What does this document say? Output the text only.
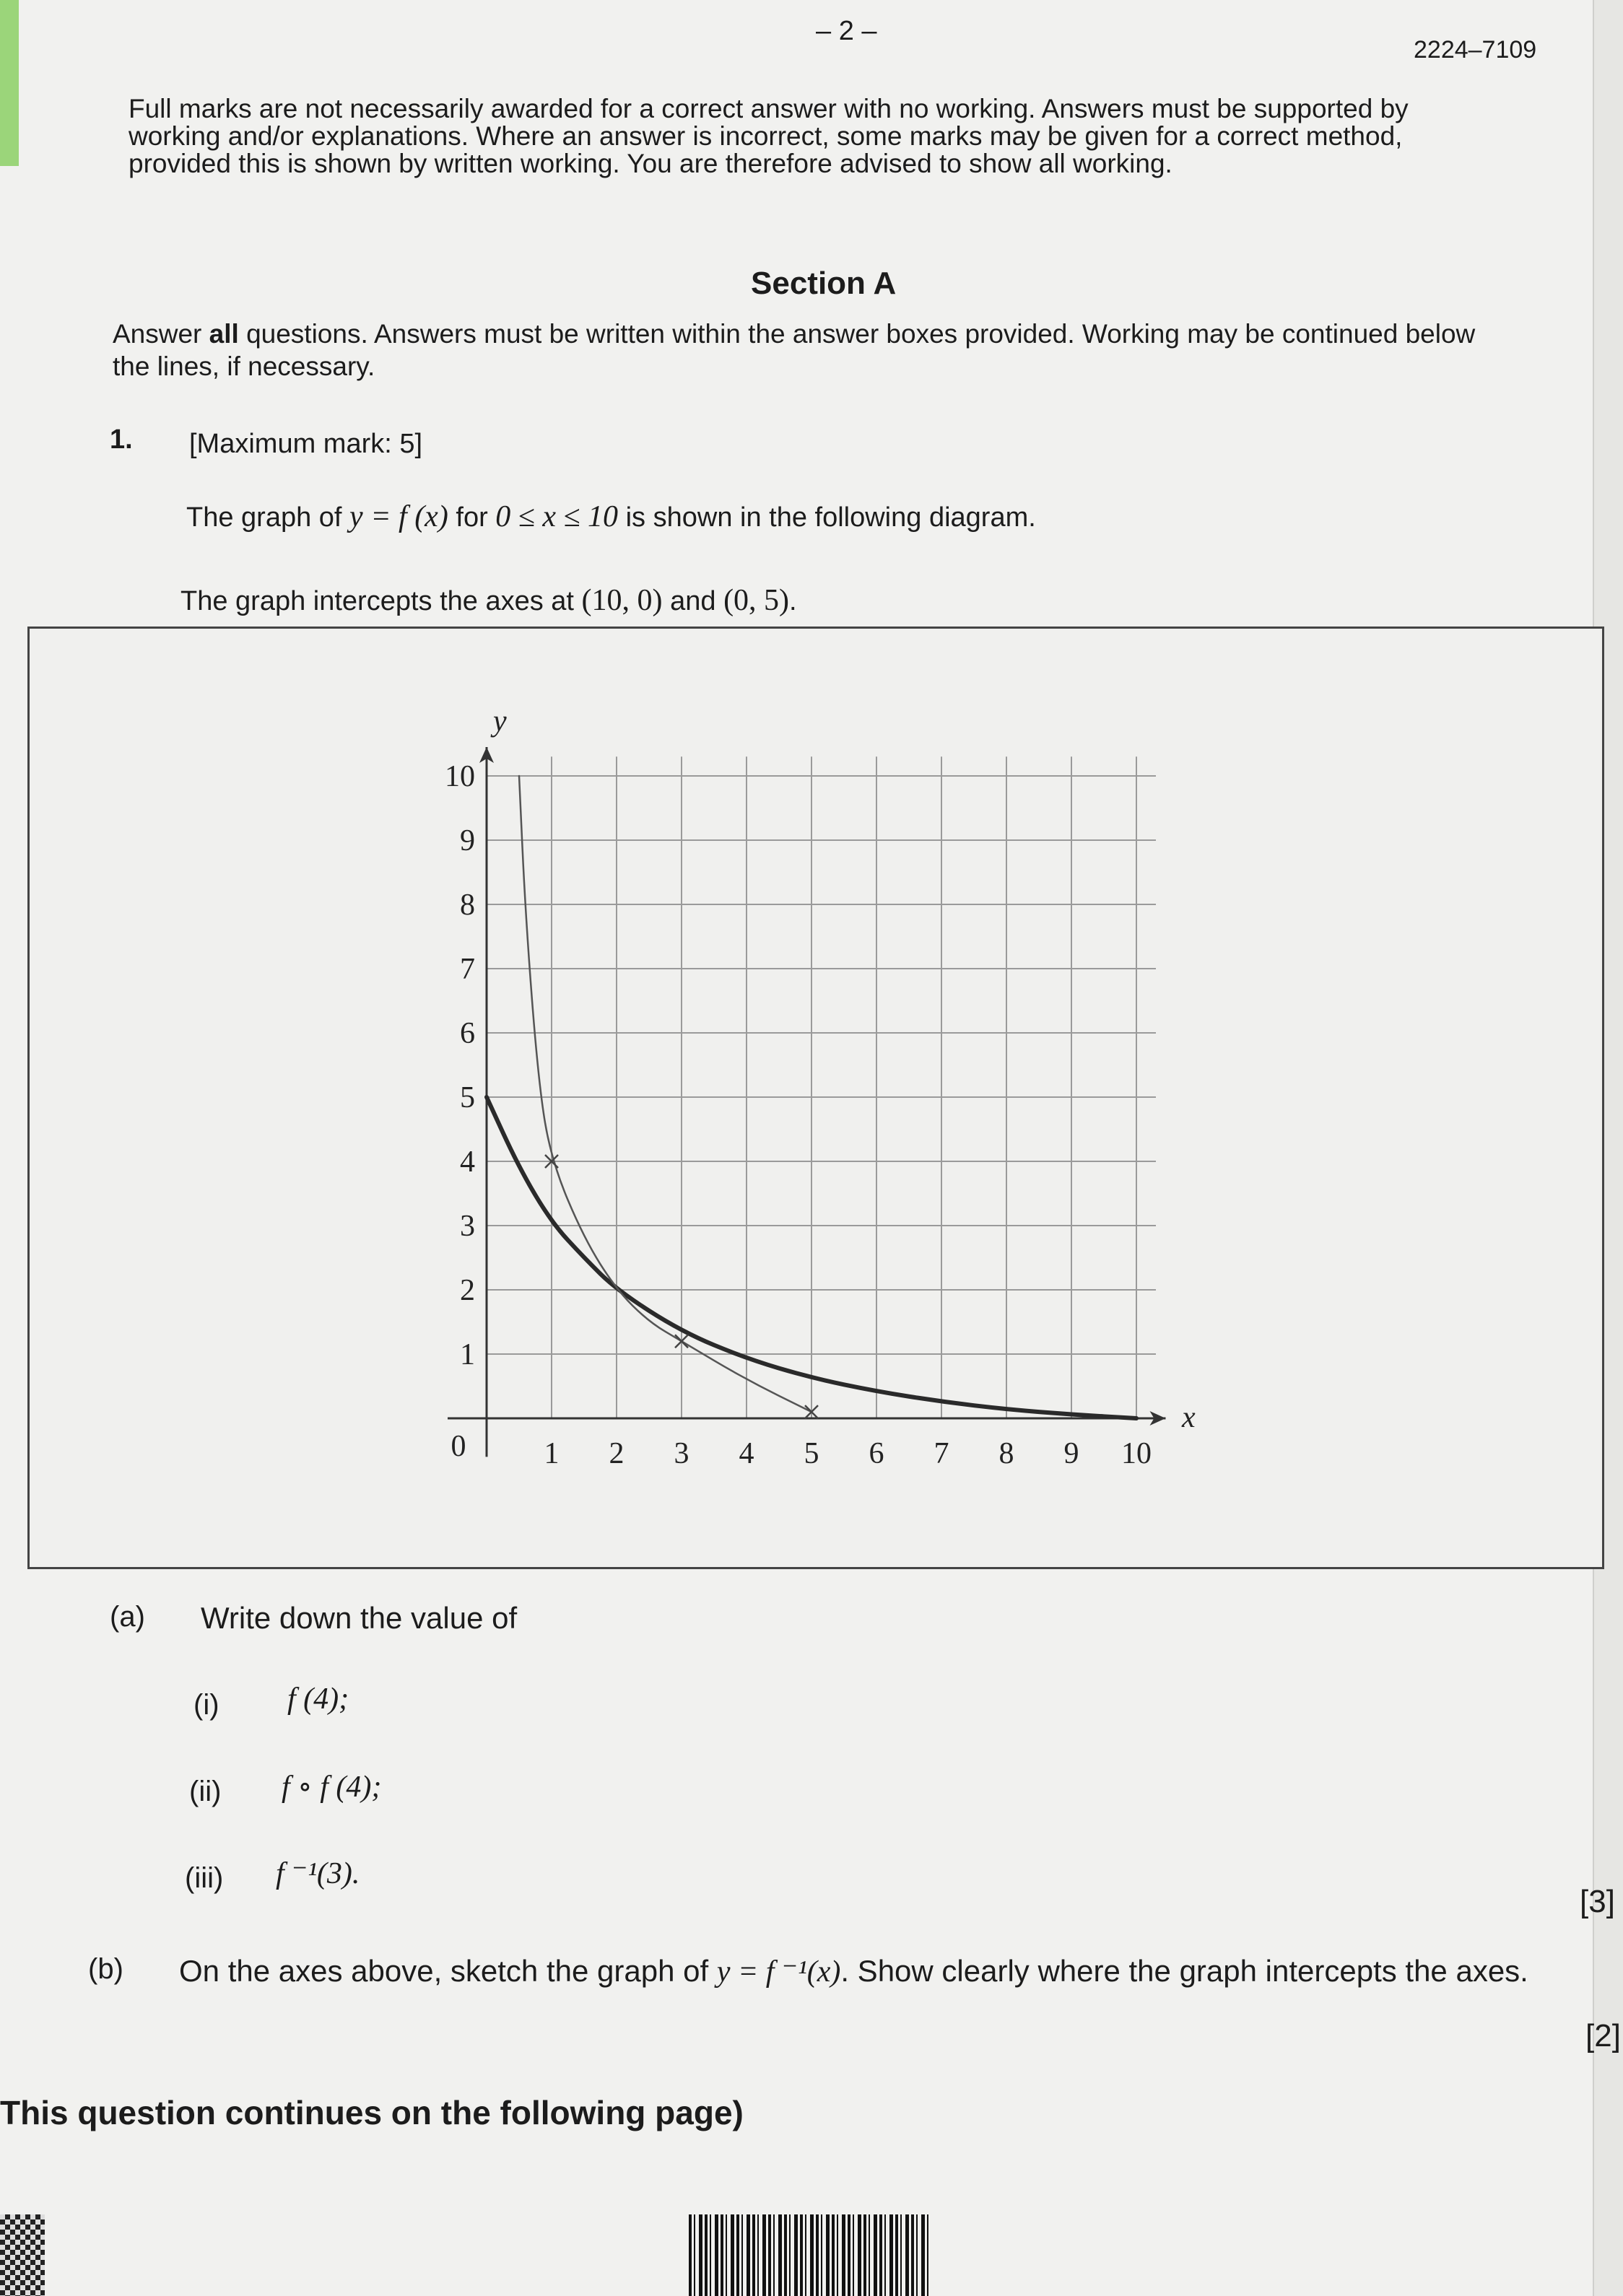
– 2 –
2224–7109
Full marks are not necessarily awarded for a correct answer with no working. Answers must be supported by working and/or explanations. Where an answer is incorrect, some marks may be given for a correct method, provided this is shown by written working. You are therefore advised to show all working.
Section A
Answer all questions. Answers must be written within the answer boxes provided. Working may be continued below the lines, if necessary.
1. [Maximum mark: 5]
The graph of y = f (x) for 0 ≤ x ≤ 10 is shown in the following diagram.
The graph intercepts the axes at (10, 0) and (0, 5).
x
y
0	1 2 3 4 5 6 7 8 9 10
1
2
3
4
5
6
7
8
9
10
(a) Write down the value of
(i) f (4);
(ii) f ∘ f (4);
(iii) f ⁻¹(3).
[3]
(b) On the axes above, sketch the graph of y = f ⁻¹(x). Show clearly where the graph intercepts the axes.
[2]
This question continues on the following page)
